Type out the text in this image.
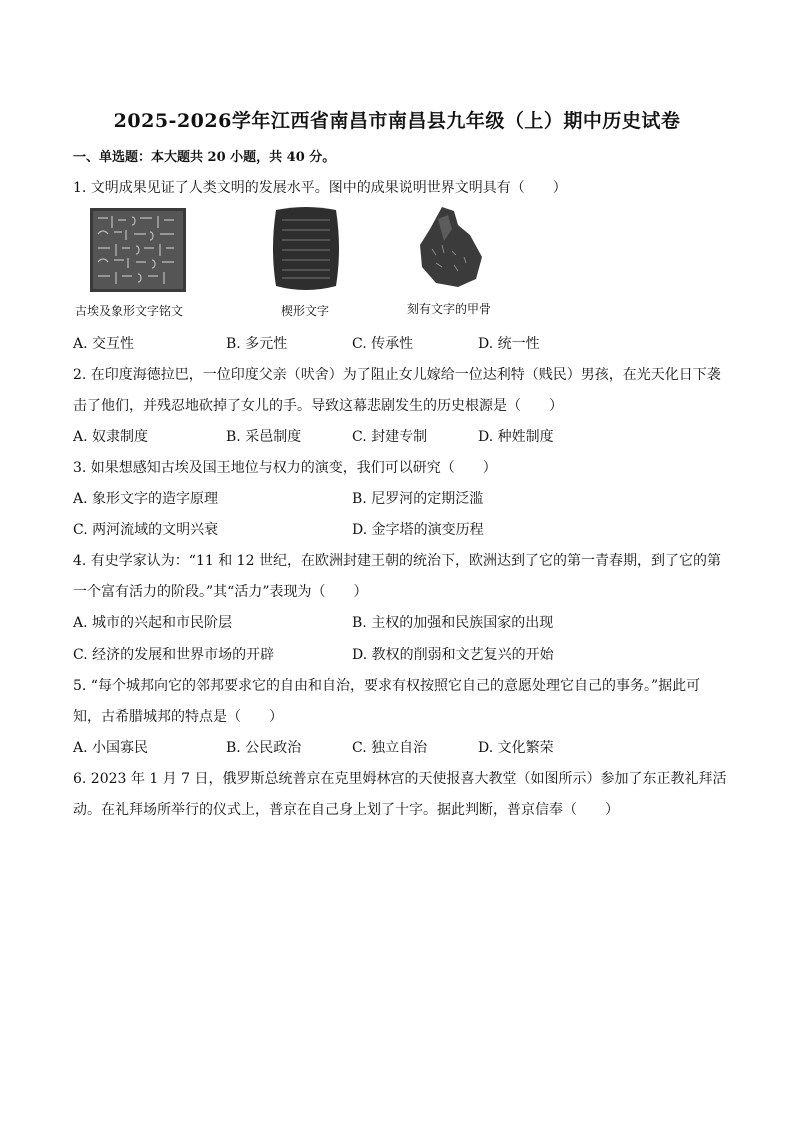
2025-2026学年江西省南昌市南昌县九年级（上）期中历史试卷
一、单选题：本大题共 20 小题，共 40 分。
1. 文明成果见证了人类文明的发展水平。图中的成果说明世界文明具有（　　）
古埃及象形文字铭文	楔形文字	刻有文字的甲骨
A. 交互性	B. 多元性	C. 传承性	D. 统一性
2. 在印度海德拉巴，一位印度父亲（吠舍）为了阻止女儿嫁给一位达利特（贱民）男孩，在光天化日下袭
击了他们，并残忍地砍掉了女儿的手。导致这幕悲剧发生的历史根源是（　　）
A. 奴隶制度	B. 采邑制度	C. 封建专制	D. 种姓制度
3. 如果想感知古埃及国王地位与权力的演变，我们可以研究（　　）
A. 象形文字的造字原理	B. 尼罗河的定期泛滥
C. 两河流域的文明兴衰	D. 金字塔的演变历程
4. 有史学家认为：“11 和 12 世纪，在欧洲封建王朝的统治下，欧洲达到了它的第一青春期，到了它的第
一个富有活力的阶段。”其“活力”表现为（　　）
A. 城市的兴起和市民阶层	B. 主权的加强和民族国家的出现
C. 经济的发展和世界市场的开辟	D. 教权的削弱和文艺复兴的开始
5. “每个城邦向它的邻邦要求它的自由和自治，要求有权按照它自己的意愿处理它自己的事务。”据此可
知，古希腊城邦的特点是（　　）
A. 小国寡民	B. 公民政治	C. 独立自治	D. 文化繁荣
6. 2023 年 1 月 7 日，俄罗斯总统普京在克里姆林宫的天使报喜大教堂（如图所示）参加了东正教礼拜活
动。在礼拜场所举行的仪式上，普京在自己身上划了十字。据此判断，普京信奉（　　）
